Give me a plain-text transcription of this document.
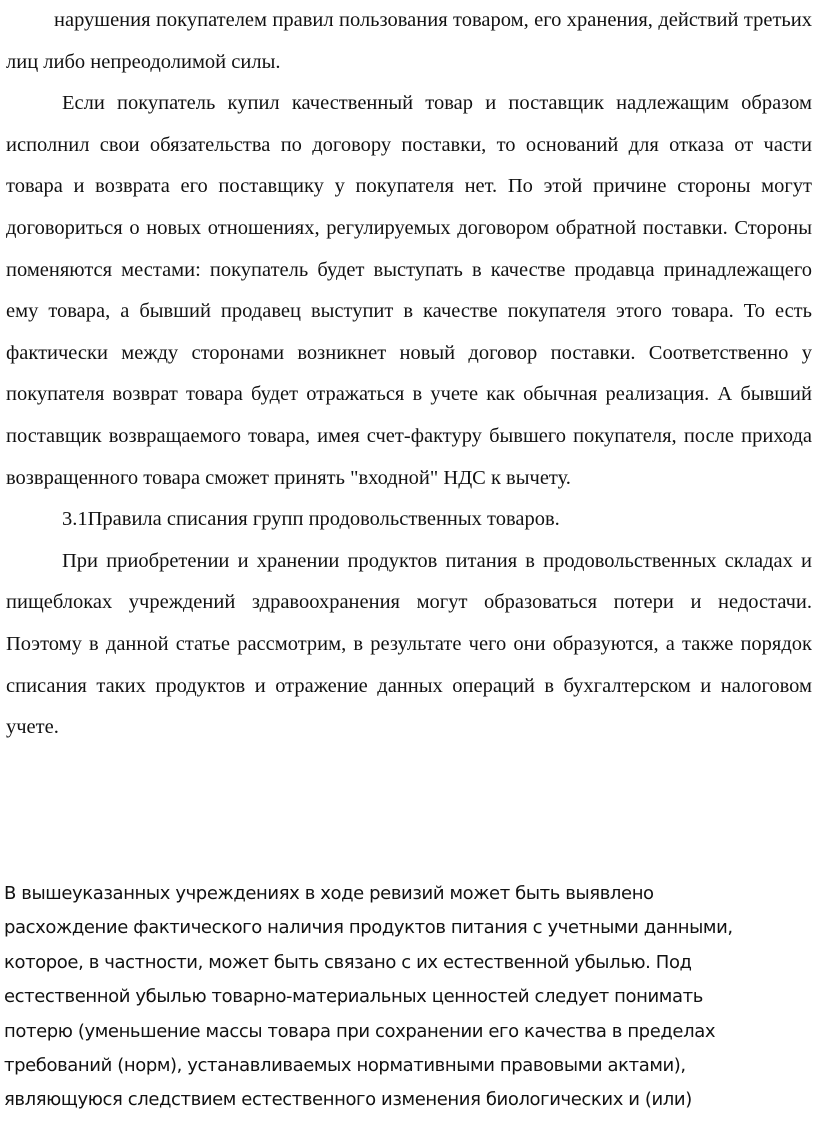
нарушения покупателем правил пользования товаром, его хранения, действий третьих лиц либо непреодолимой силы.

Если покупатель купил качественный товар и поставщик надлежащим образом исполнил свои обязательства по договору поставки, то оснований для отказа от части товара и возврата его поставщику у покупателя нет. По этой причине стороны могут договориться о новых отношениях, регулируемых договором обратной поставки. Стороны поменяются местами: покупатель будет выступать в качестве продавца принадлежащего ему товара, а бывший продавец выступит в качестве покупателя этого товара. То есть фактически между сторонами возникнет новый договор поставки. Соответственно у покупателя возврат товара будет отражаться в учете как обычная реализация. А бывший поставщик возвращаемого товара, имея счет-фактуру бывшего покупателя, после прихода возвращенного товара сможет принять "входной" НДС к вычету.

3.1Правила списания групп продовольственных товаров.

При приобретении и хранении продуктов питания в продовольственных складах и пищеблоках учреждений здравоохранения могут образоваться потери и недостачи. Поэтому в данной статье рассмотрим, в результате чего они образуются, а также порядок списания таких продуктов и отражение данных операций в бухгалтерском и налоговом учете.

В вышеуказанных учреждениях в ходе ревизий может быть выявлено

расхождение фактического наличия продуктов питания с учетными данными,

которое, в частности, может быть связано с их естественной убылью. Под

естественной убылью товарно-материальных ценностей следует понимать

потерю (уменьшение массы товара при сохранении его качества в пределах

требований (норм), устанавливаемых нормативными правовыми актами),

являющуюся следствием естественного изменения биологических и (или)
